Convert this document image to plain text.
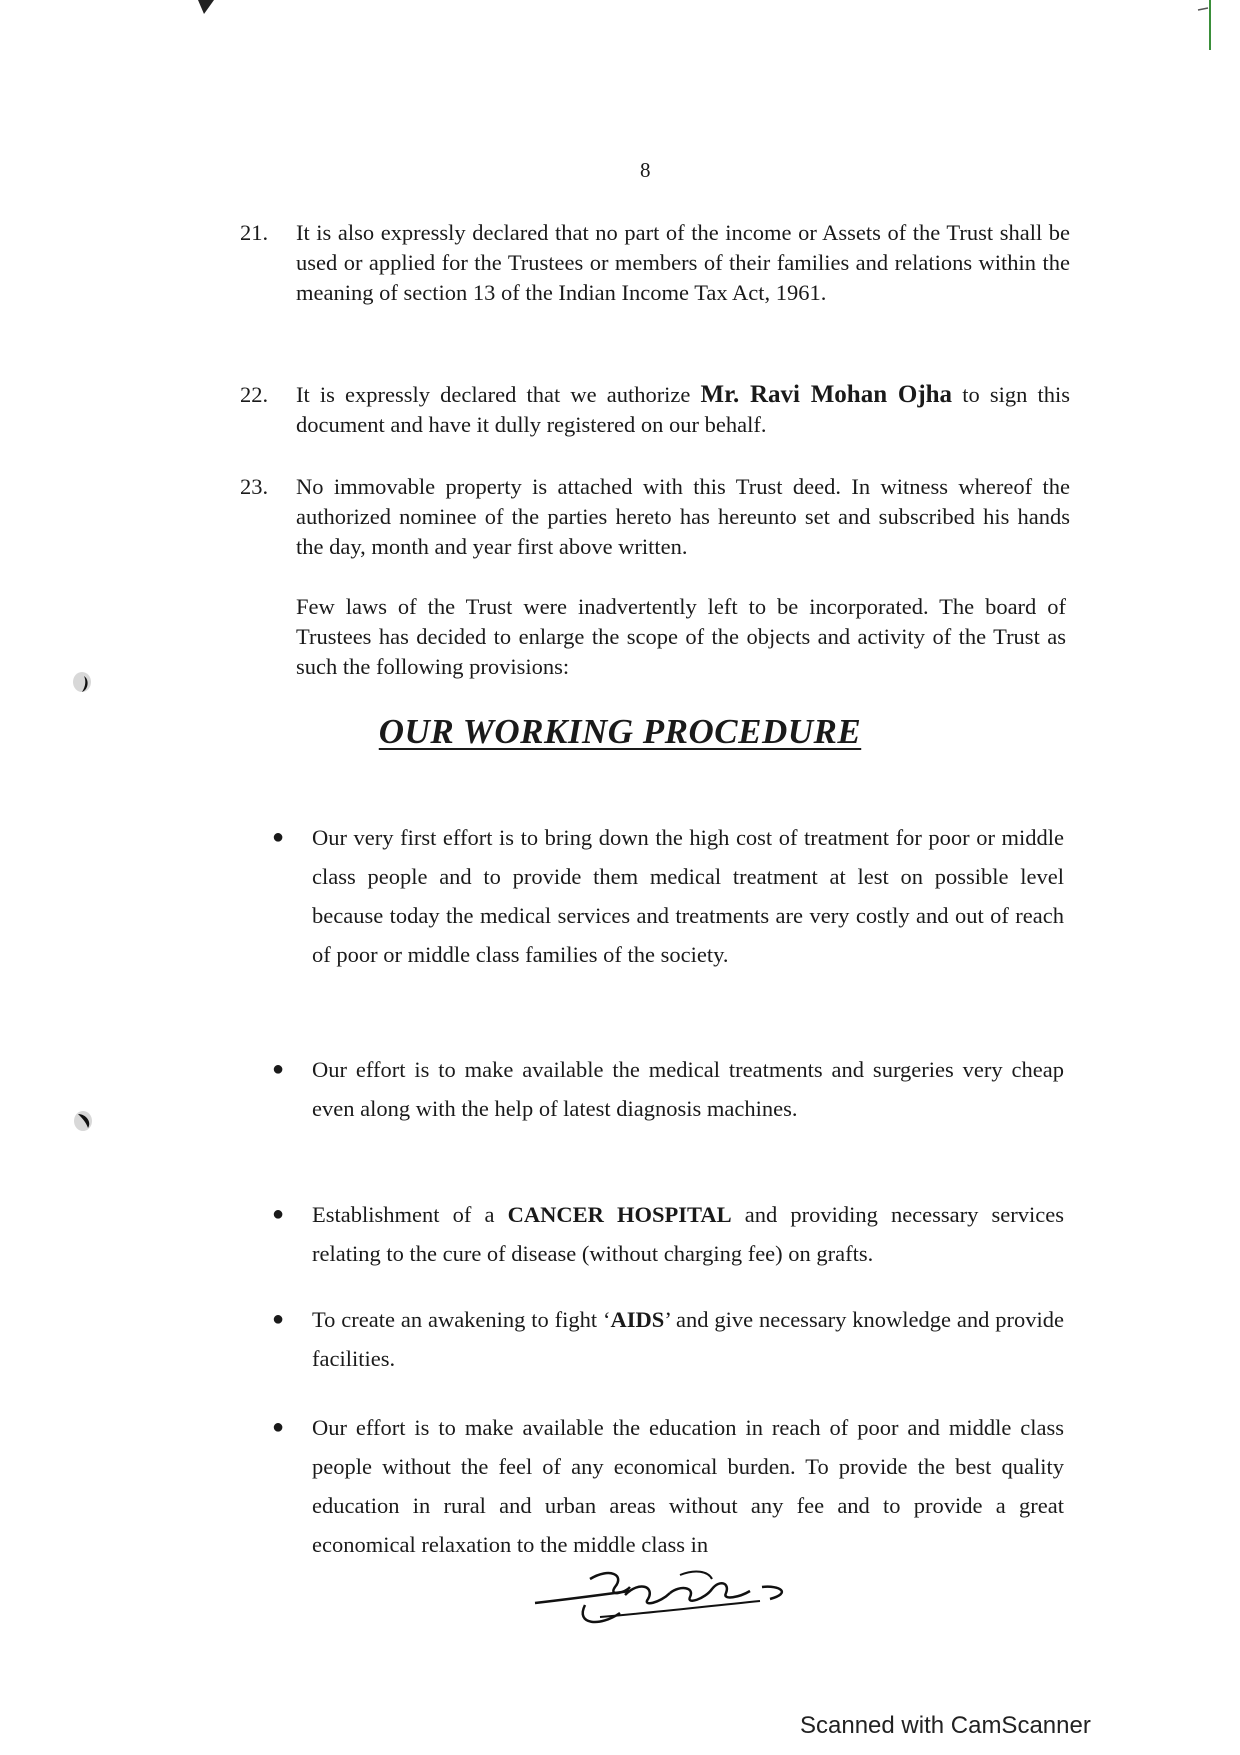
8
21.	It is also expressly declared that no part of the income or Assets of the Trust shall be used or applied for the Trustees or members of their families and relations within the meaning of section 13 of the Indian Income Tax Act, 1961.
22.	It is expressly declared that we authorize Mr. Ravi Mohan Ojha to sign this document and have it dully registered on our behalf.
23.	No immovable property is attached with this Trust deed. In witness whereof the authorized nominee of the parties hereto has hereunto set and subscribed his hands the day, month and year first above written.
Few laws of the Trust were inadvertently left to be incorporated. The board of Trustees has decided to enlarge the scope of the objects and activity of the Trust as such the following provisions:
OUR WORKING PROCEDURE
● Our very first effort is to bring down the high cost of treatment for poor or middle class people and to provide them medical treatment at lest on possible level because today the medical services and treatments are very costly and out of reach of poor or middle class families of the society.
● Our effort is to make available the medical treatments and surgeries very cheap even along with the help of latest diagnosis machines.
● Establishment of a CANCER HOSPITAL and providing necessary services relating to the cure of disease (without charging fee) on grafts.
● To create an awakening to fight ‘AIDS’ and give necessary knowledge and provide facilities.
● Our effort is to make available the education in reach of poor and middle class people without the feel of any economical burden. To provide the best quality education in rural and urban areas without any fee and to provide a great economical relaxation to the middle class in
Scanned with CamScanner
